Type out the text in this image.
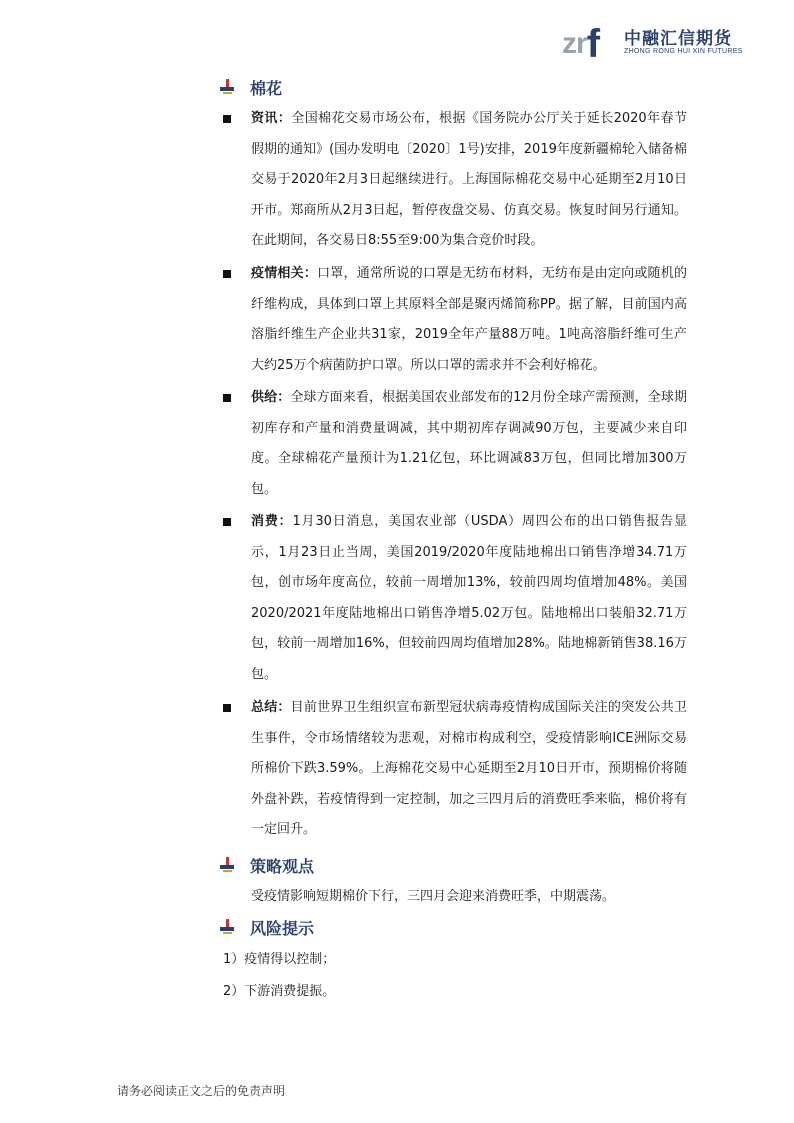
zrf 中融汇信期货
ZHONG RONG HUI XIN FUTURES
棉花

资讯：全国棉花交易市场公布，根据《国务院办公厅关于延长2020年春节假期的通知》(国办发明电〔2020〕1号)安排，2019年度新疆棉轮入储备棉交易于2020年2月3日起继续进行。上海国际棉花交易中心延期至2月10日开市。郑商所从2月3日起，暂停夜盘交易、仿真交易。恢复时间另行通知。在此期间，各交易日8:55至9:00为集合竞价时段。

疫情相关：口罩，通常所说的口罩是无纺布材料，无纺布是由定向或随机的纤维构成，具体到口罩上其原料全部是聚丙烯简称PP。据了解，目前国内高溶脂纤维生产企业共31家，2019全年产量88万吨。1吨高溶脂纤维可生产大约25万个病菌防护口罩。所以口罩的需求并不会利好棉花。

供给：全球方面来看，根据美国农业部发布的12月份全球产需预测，全球期初库存和产量和消费量调减，其中期初库存调减90万包，主要减少来自印度。全球棉花产量预计为1.21亿包，环比调减83万包，但同比增加300万包。

消费：1月30日消息，美国农业部（USDA）周四公布的出口销售报告显示，1月23日止当周，美国2019/2020年度陆地棉出口销售净增34.71万包，创市场年度高位，较前一周增加13%，较前四周均值增加48%。美国2020/2021年度陆地棉出口销售净增5.02万包。陆地棉出口装船32.71万包，较前一周增加16%，但较前四周均值增加28%。陆地棉新销售38.16万包。

总结：目前世界卫生组织宣布新型冠状病毒疫情构成国际关注的突发公共卫生事件，令市场情绪较为悲观，对棉市构成利空，受疫情影响ICE洲际交易所棉价下跌3.59%。上海棉花交易中心延期至2月10日开市，预期棉价将随外盘补跌，若疫情得到一定控制，加之三四月后的消费旺季来临，棉价将有一定回升。

策略观点

受疫情影响短期棉价下行，三四月会迎来消费旺季，中期震荡。

风险提示

1）疫情得以控制；

2）下游消费提振。

请务必阅读正文之后的免责声明
